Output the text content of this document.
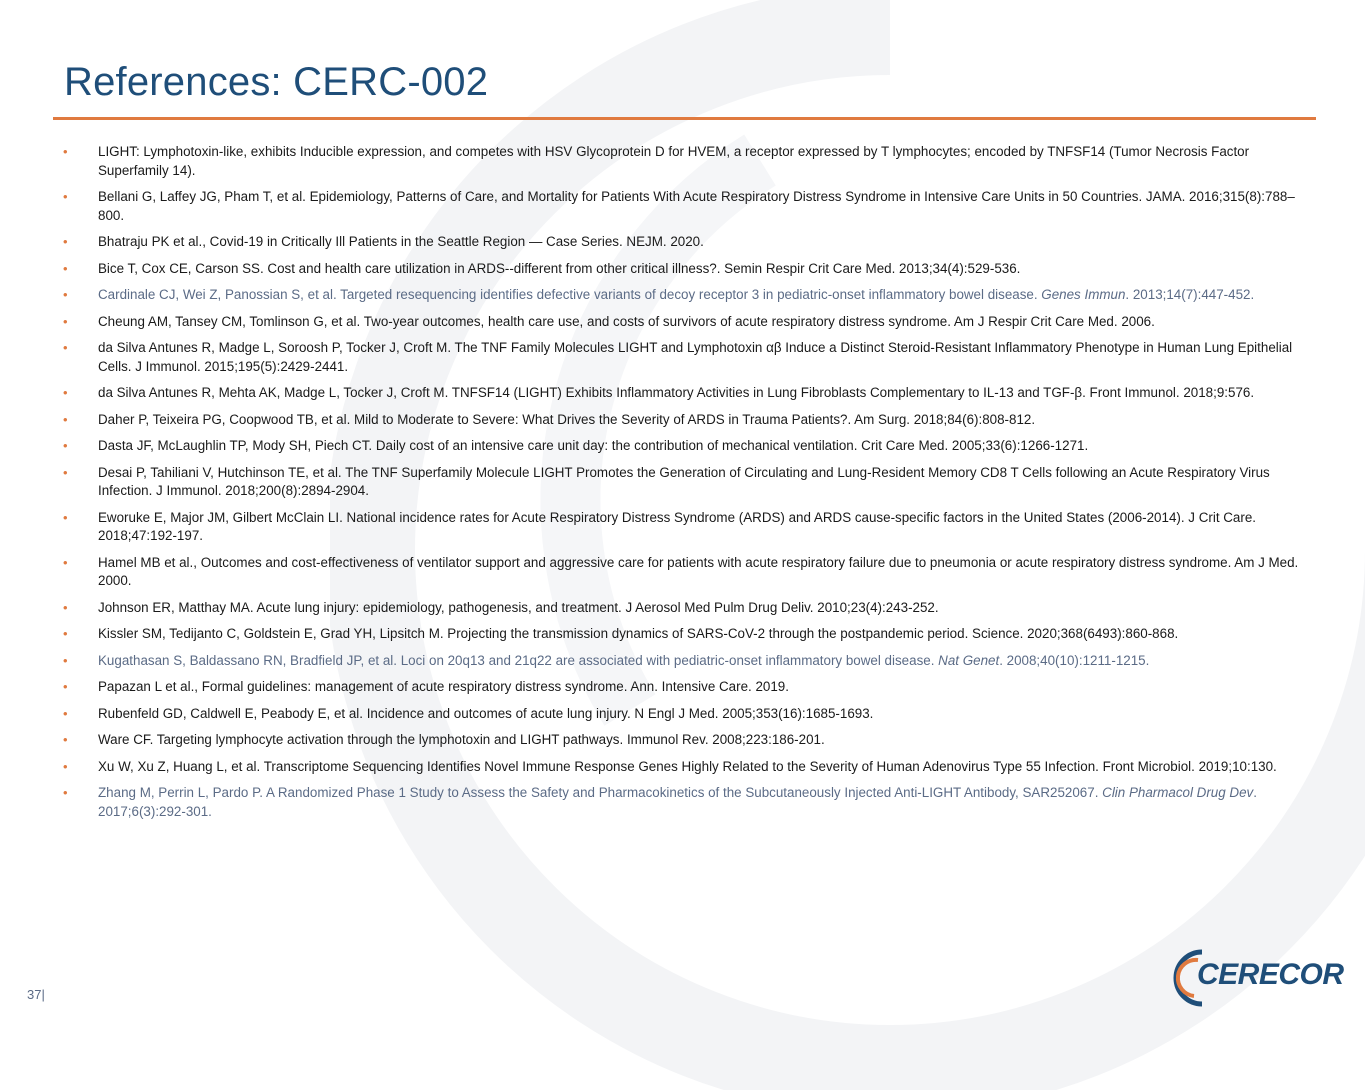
References: CERC-002
• LIGHT: Lymphotoxin-like, exhibits Inducible expression, and competes with HSV Glycoprotein D for HVEM, a receptor expressed by T lymphocytes; encoded by TNFSF14 (Tumor Necrosis Factor Superfamily 14).
• Bellani G, Laffey JG, Pham T, et al. Epidemiology, Patterns of Care, and Mortality for Patients With Acute Respiratory Distress Syndrome in Intensive Care Units in 50 Countries. JAMA. 2016;315(8):788–800.
• Bhatraju PK et al., Covid-19 in Critically Ill Patients in the Seattle Region — Case Series. NEJM. 2020.
• Bice T, Cox CE, Carson SS. Cost and health care utilization in ARDS--different from other critical illness?. Semin Respir Crit Care Med. 2013;34(4):529-536.
• Cardinale CJ, Wei Z, Panossian S, et al. Targeted resequencing identifies defective variants of decoy receptor 3 in pediatric-onset inflammatory bowel disease. Genes Immun. 2013;14(7):447-452.
• Cheung AM, Tansey CM, Tomlinson G, et al. Two-year outcomes, health care use, and costs of survivors of acute respiratory distress syndrome. Am J Respir Crit Care Med. 2006.
• da Silva Antunes R, Madge L, Soroosh P, Tocker J, Croft M. The TNF Family Molecules LIGHT and Lymphotoxin αβ Induce a Distinct Steroid-Resistant Inflammatory Phenotype in Human Lung Epithelial Cells. J Immunol. 2015;195(5):2429-2441.
• da Silva Antunes R, Mehta AK, Madge L, Tocker J, Croft M. TNFSF14 (LIGHT) Exhibits Inflammatory Activities in Lung Fibroblasts Complementary to IL-13 and TGF-β. Front Immunol. 2018;9:576.
• Daher P, Teixeira PG, Coopwood TB, et al. Mild to Moderate to Severe: What Drives the Severity of ARDS in Trauma Patients?. Am Surg. 2018;84(6):808-812.
• Dasta JF, McLaughlin TP, Mody SH, Piech CT. Daily cost of an intensive care unit day: the contribution of mechanical ventilation. Crit Care Med. 2005;33(6):1266-1271.
• Desai P, Tahiliani V, Hutchinson TE, et al. The TNF Superfamily Molecule LIGHT Promotes the Generation of Circulating and Lung-Resident Memory CD8 T Cells following an Acute Respiratory Virus Infection. J Immunol. 2018;200(8):2894-2904.
• Eworuke E, Major JM, Gilbert McClain LI. National incidence rates for Acute Respiratory Distress Syndrome (ARDS) and ARDS cause-specific factors in the United States (2006-2014). J Crit Care. 2018;47:192-197.
• Hamel MB et al., Outcomes and cost-effectiveness of ventilator support and aggressive care for patients with acute respiratory failure due to pneumonia or acute respiratory distress syndrome. Am J Med. 2000.
• Johnson ER, Matthay MA. Acute lung injury: epidemiology, pathogenesis, and treatment. J Aerosol Med Pulm Drug Deliv. 2010;23(4):243-252.
• Kissler SM, Tedijanto C, Goldstein E, Grad YH, Lipsitch M. Projecting the transmission dynamics of SARS-CoV-2 through the postpandemic period. Science. 2020;368(6493):860-868.
• Kugathasan S, Baldassano RN, Bradfield JP, et al. Loci on 20q13 and 21q22 are associated with pediatric-onset inflammatory bowel disease. Nat Genet. 2008;40(10):1211-1215.
• Papazan L et al., Formal guidelines: management of acute respiratory distress syndrome. Ann. Intensive Care. 2019.
• Rubenfeld GD, Caldwell E, Peabody E, et al. Incidence and outcomes of acute lung injury. N Engl J Med. 2005;353(16):1685-1693.
• Ware CF. Targeting lymphocyte activation through the lymphotoxin and LIGHT pathways. Immunol Rev. 2008;223:186-201.
• Xu W, Xu Z, Huang L, et al. Transcriptome Sequencing Identifies Novel Immune Response Genes Highly Related to the Severity of Human Adenovirus Type 55 Infection. Front Microbiol. 2019;10:130.
• Zhang M, Perrin L, Pardo P. A Randomized Phase 1 Study to Assess the Safety and Pharmacokinetics of the Subcutaneously Injected Anti-LIGHT Antibody, SAR252067. Clin Pharmacol Drug Dev. 2017;6(3):292-301.
37|
CERECOR
